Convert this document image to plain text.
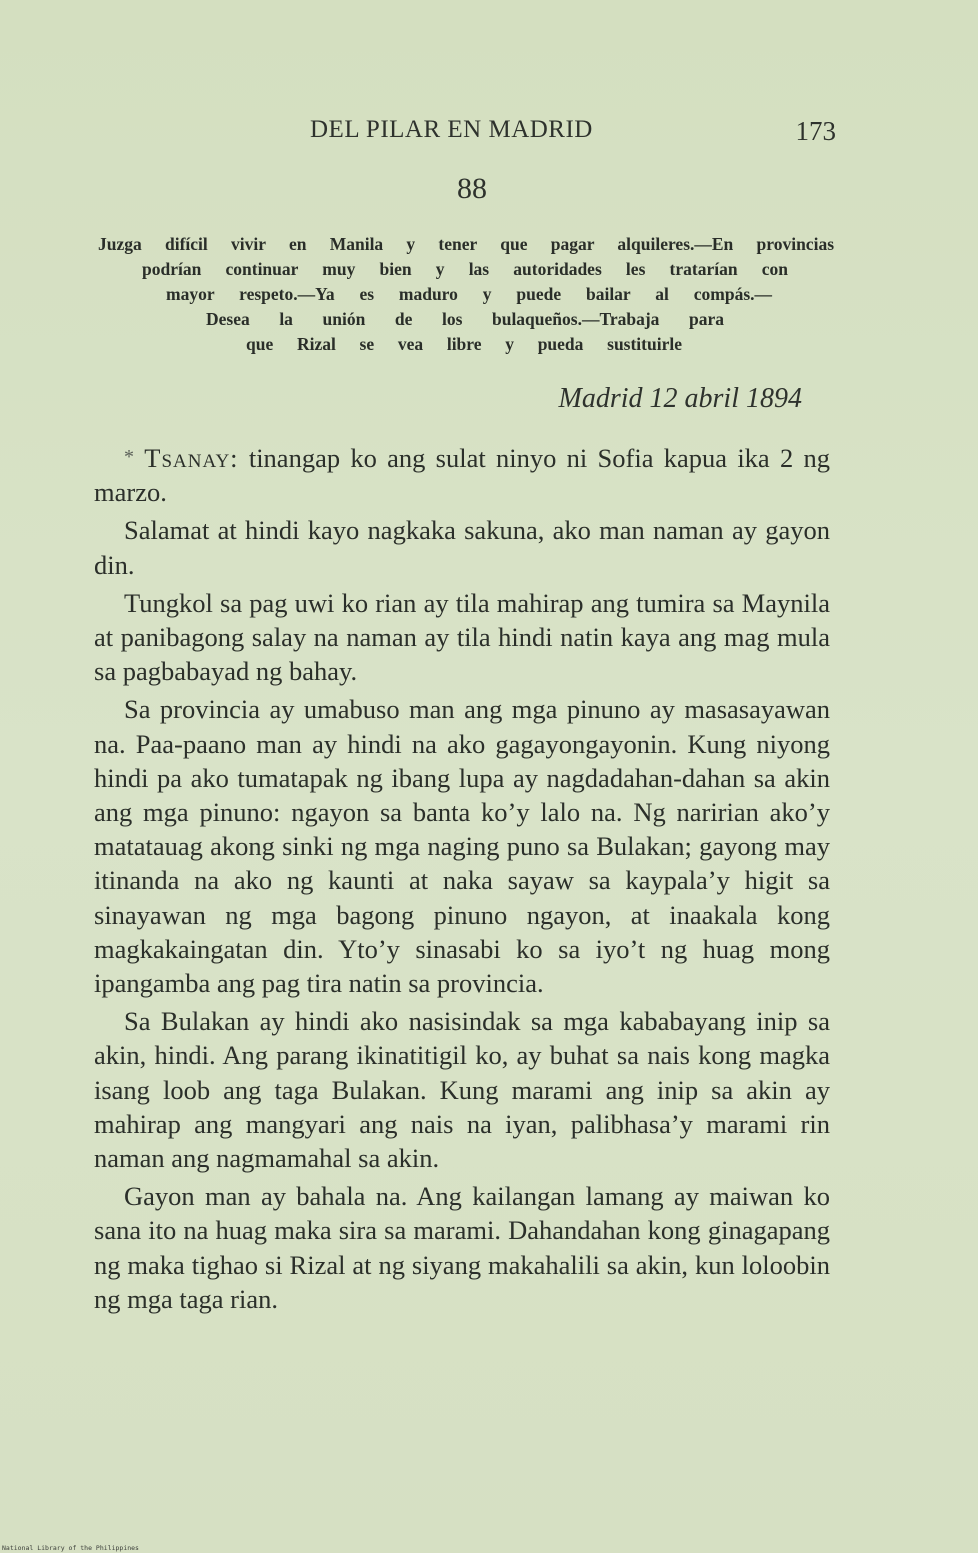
DEL PILAR EN MADRID	173
88
Juzga difícil vivir en Manila y tener que pagar alquileres.—En provincias
podrían continuar muy bien y las autoridades les tratarían con
mayor respeto.—Ya es maduro y puede bailar al compás.—
Desea la unión de los bulaqueños.—Trabaja para
que Rizal se vea libre y pueda sustituirle
Madrid 12 abril 1894

* Tsanay: tinangap ko ang sulat ninyo ni Sofia kapua ika 2 ng marzo.

Salamat at hindi kayo nagkaka sakuna, ako man naman ay gayon din.

Tungkol sa pag uwi ko rian ay tila mahirap ang tumira sa Maynila at panibagong salay na naman ay tila hindi natin kaya ang mag mula sa pagbabayad ng bahay.

Sa provincia ay umabuso man ang mga pinuno ay masasayawan na. Paa-paano man ay hindi na ako gagayongayonin. Kung niyong hindi pa ako tumatapak ng ibang lupa ay nagdadahan-dahan sa akin ang mga pinuno: ngayon sa banta ko’y lalo na. Ng naririan ako’y matatauag akong sinki ng mga naging puno sa Bulakan; gayong may itinanda na ako ng kaunti at naka sayaw sa kaypala’y higit sa sinayawan ng mga bagong pinuno ngayon, at inaakala kong magkakaingatan din. Yto’y sinasabi ko sa iyo’t ng huag mong ipangamba ang pag tira natin sa provincia.

Sa Bulakan ay hindi ako nasisindak sa mga kababayang inip sa akin, hindi. Ang parang ikinatitigil ko, ay buhat sa nais kong magka isang loob ang taga Bulakan. Kung marami ang inip sa akin ay mahirap ang mangyari ang nais na iyan, palibhasa’y marami rin naman ang nagmamahal sa akin.

Gayon man ay bahala na. Ang kailangan lamang ay maiwan ko sana ito na huag maka sira sa marami. Dahandahan kong ginagapang ng maka tighao si Rizal at ng siyang makahalili sa akin, kun loloobin ng mga taga rian.

National Library of the Philippines
